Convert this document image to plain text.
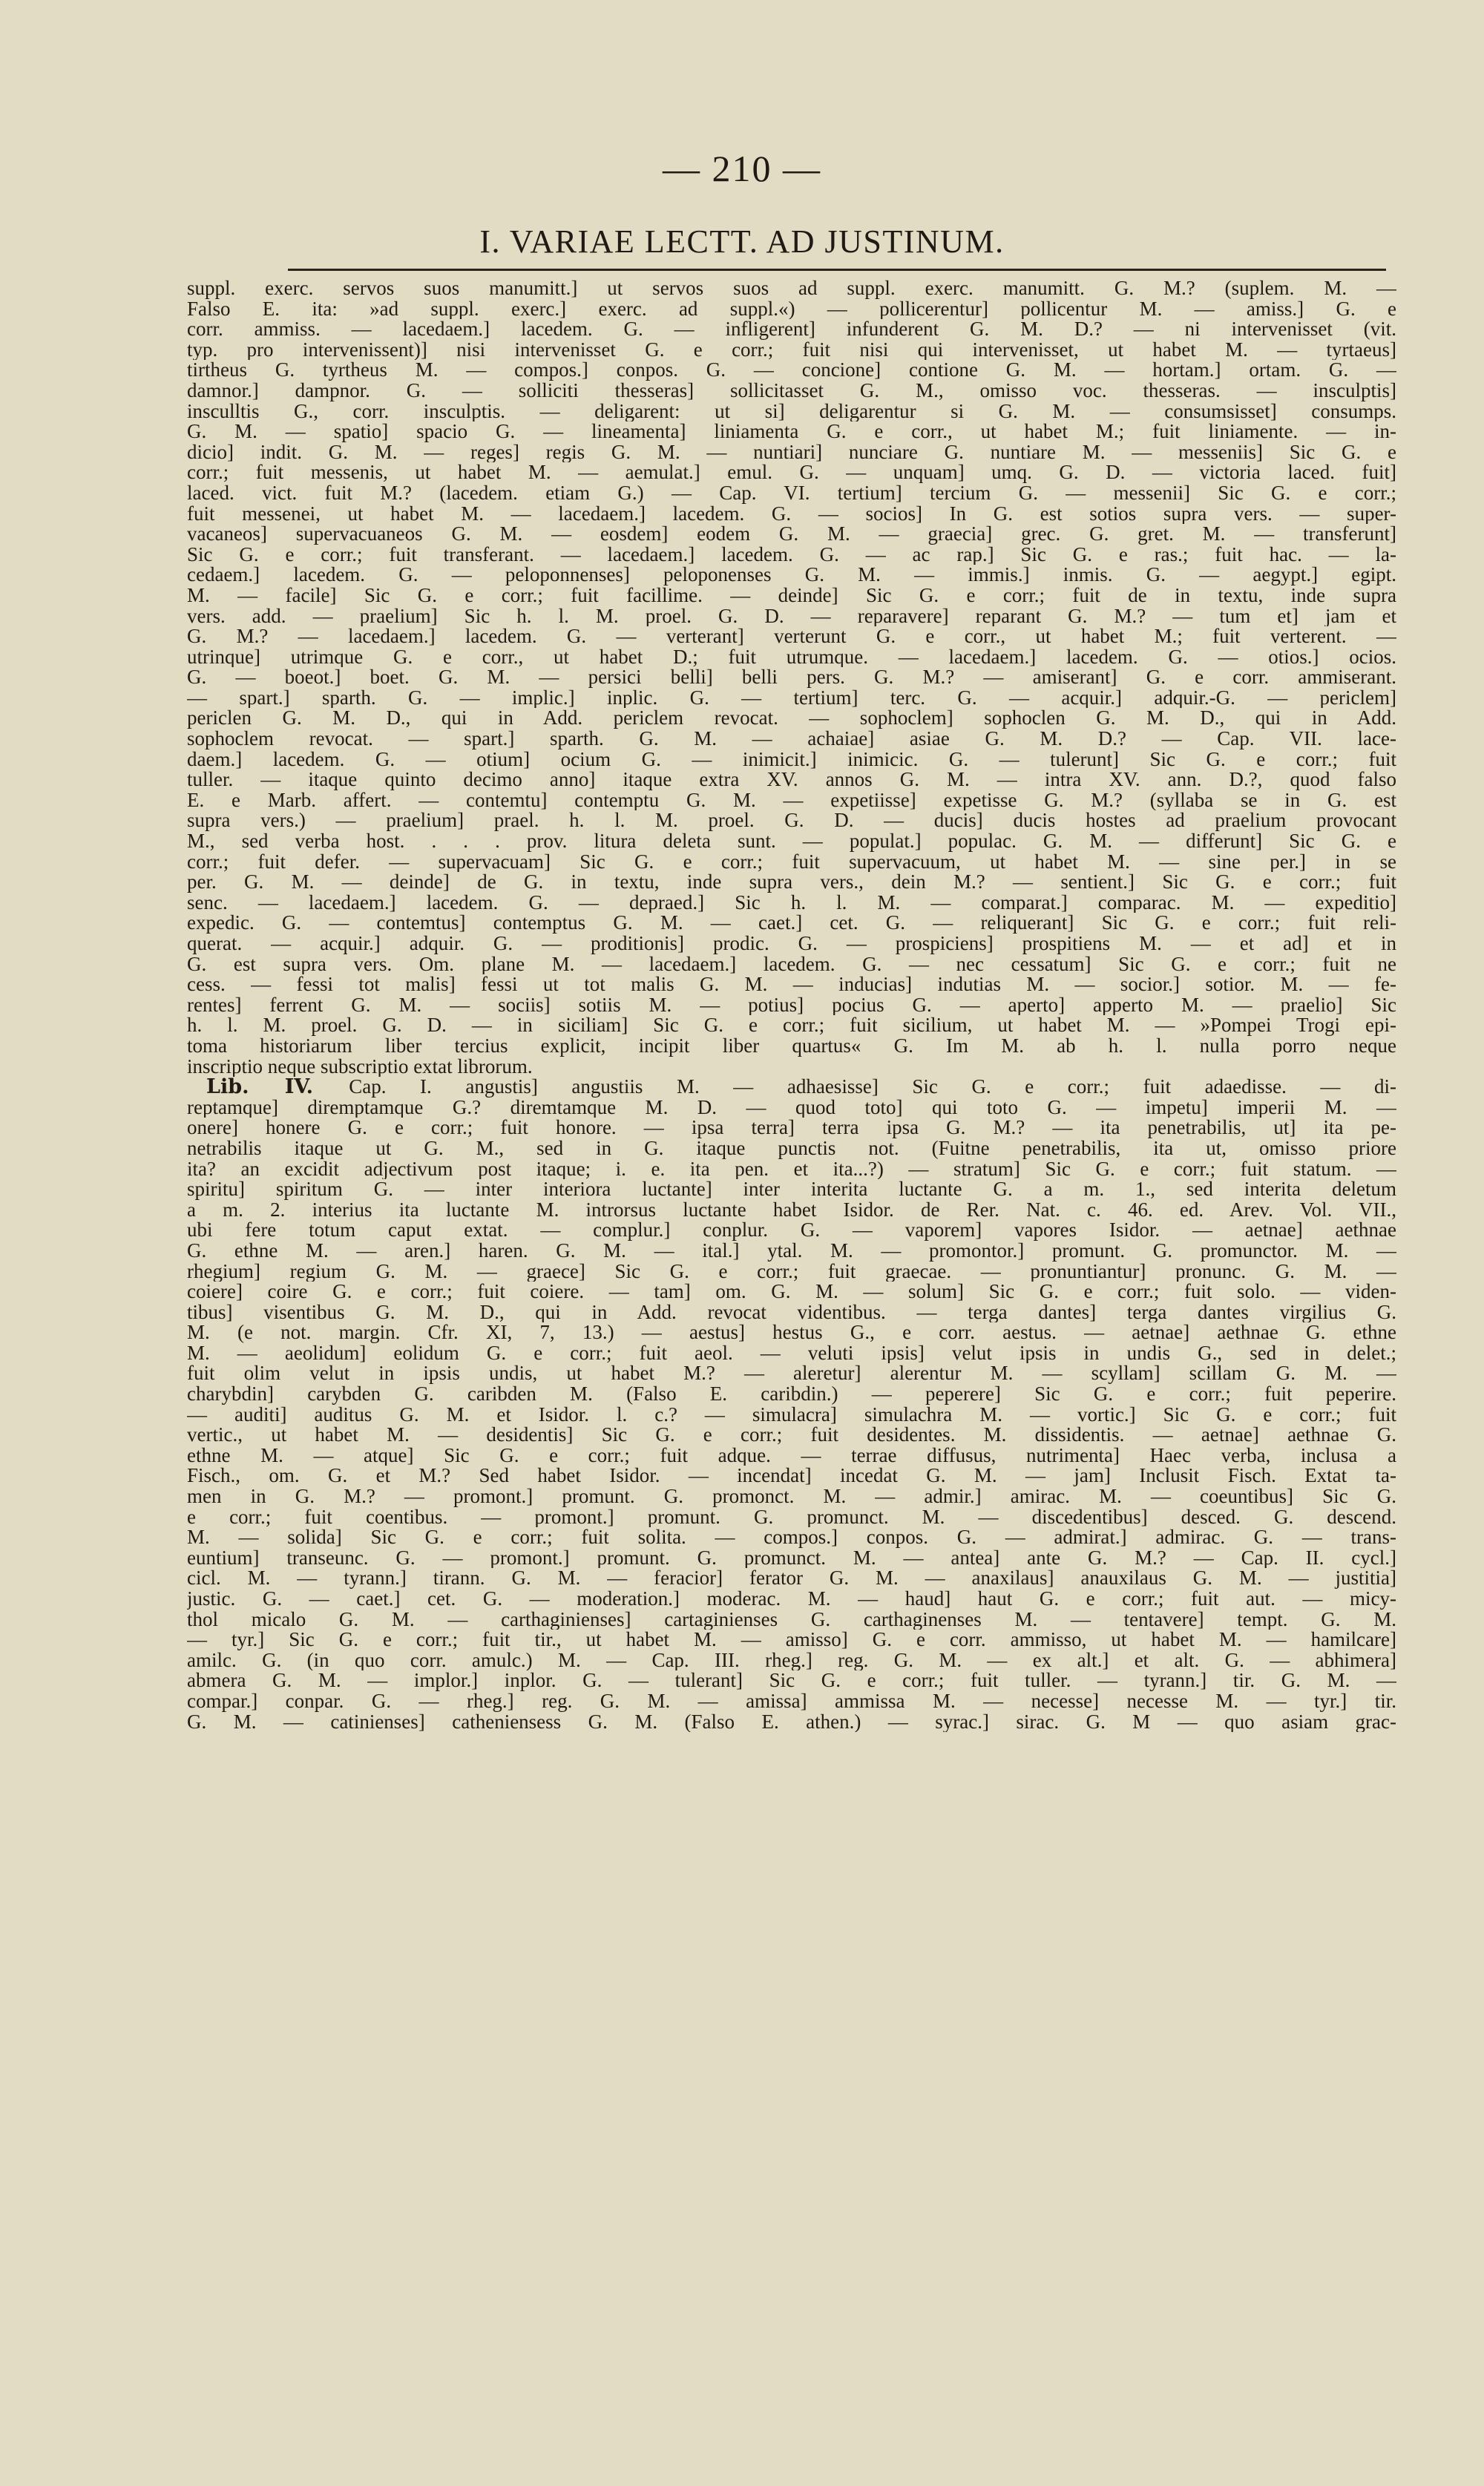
— 210 —
I. VARIAE LECTT. AD JUSTINUM.
suppl. exerc. servos suos manumitt.] ut servos suos ad suppl. exerc. manumitt. G. M.? (suplem. M. —
Falso E. ita: »ad suppl. exerc.] exerc. ad suppl.«) — pollicerentur] pollicentur M. — amiss.] G. e
corr. ammiss. — lacedaem.] lacedem. G. — infligerent] infunderent G. M. D.? — ni intervenisset (vit.
typ. pro intervenissent)] nisi intervenisset G. e corr.; fuit nisi qui intervenisset, ut habet M. — tyrtaeus]
tirtheus G. tyrtheus M. — compos.] conpos. G. — concione] contione G. M. — hortam.] ortam. G. —
damnor.] dampnor. G. — solliciti thesseras] sollicitasset G. M., omisso voc. thesseras. — insculptis]
insculltis G., corr. insculptis. — deligarent: ut si] deligarentur si G. M. — consumsisset] consumps.
G. M. — spatio] spacio G. — lineamenta] liniamenta G. e corr., ut habet M.; fuit liniamente. — in-
dicio] indit. G. M. — reges] regis G. M. — nuntiari] nunciare G. nuntiare M. — messeniis] Sic G. e
corr.; fuit messenis, ut habet M. — aemulat.] emul. G. — unquam] umq. G. D. — victoria laced. fuit]
laced. vict. fuit M.? (lacedem. etiam G.) — Cap. VI. tertium] tercium G. — messenii] Sic G. e corr.;
fuit messenei, ut habet M. — lacedaem.] lacedem. G. — socios] In G. est sotios supra vers. — super-
vacaneos] supervacuaneos G. M. — eosdem] eodem G. M. — graecia] grec. G. gret. M. — transferunt]
Sic G. e corr.; fuit transferant. — lacedaem.] lacedem. G. — ac rap.] Sic G. e ras.; fuit hac. — la-
cedaem.] lacedem. G. — peloponnenses] peloponenses G. M. — immis.] inmis. G. — aegypt.] egipt.
M. — facile] Sic G. e corr.; fuit facillime. — deinde] Sic G. e corr.; fuit de in textu, inde supra
vers. add. — praelium] Sic h. l. M. proel. G. D. — reparavere] reparant G. M.? — tum et] jam et
G. M.? — lacedaem.] lacedem. G. — verterant] verterunt G. e corr., ut habet M.; fuit verterent. —
utrinque] utrimque G. e corr., ut habet D.; fuit utrumque. — lacedaem.] lacedem. G. — otios.] ocios.
G. — boeot.] boet. G. M. — persici belli] belli pers. G. M.? — amiserant] G. e corr. ammiserant.
— spart.] sparth. G. — implic.] inplic. G. — tertium] terc. G. — acquir.] adquir.-G. — periclem]
periclen G. M. D., qui in Add. periclem revocat. — sophoclem] sophoclen G. M. D., qui in Add.
sophoclem revocat. — spart.] sparth. G. M. — achaiae] asiae G. M. D.? — Cap. VII. lace-
daem.] lacedem. G. — otium] ocium G. — inimicit.] inimicic. G. — tulerunt] Sic G. e corr.; fuit
tuller. — itaque quinto decimo anno] itaque extra XV. annos G. M. — intra XV. ann. D.?, quod falso
E. e Marb. affert. — contemtu] contemptu G. M. — expetiisse] expetisse G. M.? (syllaba se in G. est
supra vers.) — praelium] prael. h. l. M. proel. G. D. — ducis] ducis hostes ad praelium provocant
M., sed verba host. . . . prov. litura deleta sunt. — populat.] populac. G. M. — differunt] Sic G. e
corr.; fuit defer. — supervacuam] Sic G. e corr.; fuit supervacuum, ut habet M. — sine per.] in se
per. G. M. — deinde] de G. in textu, inde supra vers., dein M.? — sentient.] Sic G. e corr.; fuit
senc. — lacedaem.] lacedem. G. — depraed.] Sic h. l. M. — comparat.] comparac. M. — expeditio]
expedic. G. — contemtus] contemptus G. M. — caet.] cet. G. — reliquerant] Sic G. e corr.; fuit reli-
querat. — acquir.] adquir. G. — proditionis] prodic. G. — prospiciens] prospitiens M. — et ad] et in
G. est supra vers. Om. plane M. — lacedaem.] lacedem. G. — nec cessatum] Sic G. e corr.; fuit ne
cess. — fessi tot malis] fessi ut tot malis G. M. — inducias] indutias M. — socior.] sotior. M. — fe-
rentes] ferrent G. M. — sociis] sotiis M. — potius] pocius G. — aperto] apperto M. — praelio] Sic
h. l. M. proel. G. D. — in siciliam] Sic G. e corr.; fuit sicilium, ut habet M. — »Pompei Trogi epi-
toma historiarum liber tercius explicit, incipit liber quartus« G. Im M. ab h. l. nulla porro neque
inscriptio neque subscriptio extat librorum.
Lib. IV. Cap. I. angustis] angustiis M. — adhaesisse] Sic G. e corr.; fuit adaedisse. — di-
reptamque] diremptamque G.? diremtamque M. D. — quod toto] qui toto G. — impetu] imperii M. —
onere] honere G. e corr.; fuit honore. — ipsa terra] terra ipsa G. M.? — ita penetrabilis, ut] ita pe-
netrabilis itaque ut G. M., sed in G. itaque punctis not. (Fuitne penetrabilis, ita ut, omisso priore
ita? an excidit adjectivum post itaque; i. e. ita pen. et ita...?) — stratum] Sic G. e corr.; fuit statum. —
spiritu] spiritum G. — inter interiora luctante] inter interita luctante G. a m. 1., sed interita deletum
a m. 2. interius ita luctante M. introrsus luctante habet Isidor. de Rer. Nat. c. 46. ed. Arev. Vol. VII.,
ubi fere totum caput extat. — complur.] conplur. G. — vaporem] vapores Isidor. — aetnae] aethnae
G. ethne M. — aren.] haren. G. M. — ital.] ytal. M. — promontor.] promunt. G. promunctor. M. —
rhegium] regium G. M. — graece] Sic G. e corr.; fuit graecae. — pronuntiantur] pronunc. G. M. —
coiere] coire G. e corr.; fuit coiere. — tam] om. G. M. — solum] Sic G. e corr.; fuit solo. — viden-
tibus] visentibus G. M. D., qui in Add. revocat videntibus. — terga dantes] terga dantes virgilius G.
M. (e not. margin. Cfr. XI, 7, 13.) — aestus] hestus G., e corr. aestus. — aetnae] aethnae G. ethne
M. — aeolidum] eolidum G. e corr.; fuit aeol. — veluti ipsis] velut ipsis in undis G., sed in delet.;
fuit olim velut in ipsis undis, ut habet M.? — aleretur] alerentur M. — scyllam] scillam G. M. —
charybdin] carybden G. caribden M. (Falso E. caribdin.) — peperere] Sic G. e corr.; fuit peperire.
— auditi] auditus G. M. et Isidor. l. c.? — simulacra] simulachra M. — vortic.] Sic G. e corr.; fuit
vertic., ut habet M. — desidentis] Sic G. e corr.; fuit desidentes. M. dissidentis. — aetnae] aethnae G.
ethne M. — atque] Sic G. e corr.; fuit adque. — terrae diffusus, nutrimenta] Haec verba, inclusa a
Fisch., om. G. et M.? Sed habet Isidor. — incendat] incedat G. M. — jam] Inclusit Fisch. Extat ta-
men in G. M.? — promont.] promunt. G. promonct. M. — admir.] amirac. M. — coeuntibus] Sic G.
e corr.; fuit coentibus. — promont.] promunt. G. promunct. M. — discedentibus] desced. G. descend.
M. — solida] Sic G. e corr.; fuit solita. — compos.] conpos. G. — admirat.] admirac. G. — trans-
euntium] transeunc. G. — promont.] promunt. G. promunct. M. — antea] ante G. M.? — Cap. II. cycl.]
cicl. M. — tyrann.] tirann. G. M. — feracior] ferator G. M. — anaxilaus] anauxilaus G. M. — justitia]
justic. G. — caet.] cet. G. — moderation.] moderac. M. — haud] haut G. e corr.; fuit aut. — micy-
thol micalo G. M. — carthaginienses] cartaginienses G. carthaginenses M. — tentavere] tempt. G. M.
— tyr.] Sic G. e corr.; fuit tir., ut habet M. — amisso] G. e corr. ammisso, ut habet M. — hamilcare]
amilc. G. (in quo corr. amulc.) M. — Cap. III. rheg.] reg. G. M. — ex alt.] et alt. G. — abhimera]
abmera G. M. — implor.] inplor. G. — tulerant] Sic G. e corr.; fuit tuller. — tyrann.] tir. G. M. —
compar.] conpar. G. — rheg.] reg. G. M. — amissa] ammissa M. — necesse] necesse M. — tyr.] tir.
G. M. — catinienses] catheniensess G. M. (Falso E. athen.) — syrac.] sirac. G. M — quo asiam grac-
